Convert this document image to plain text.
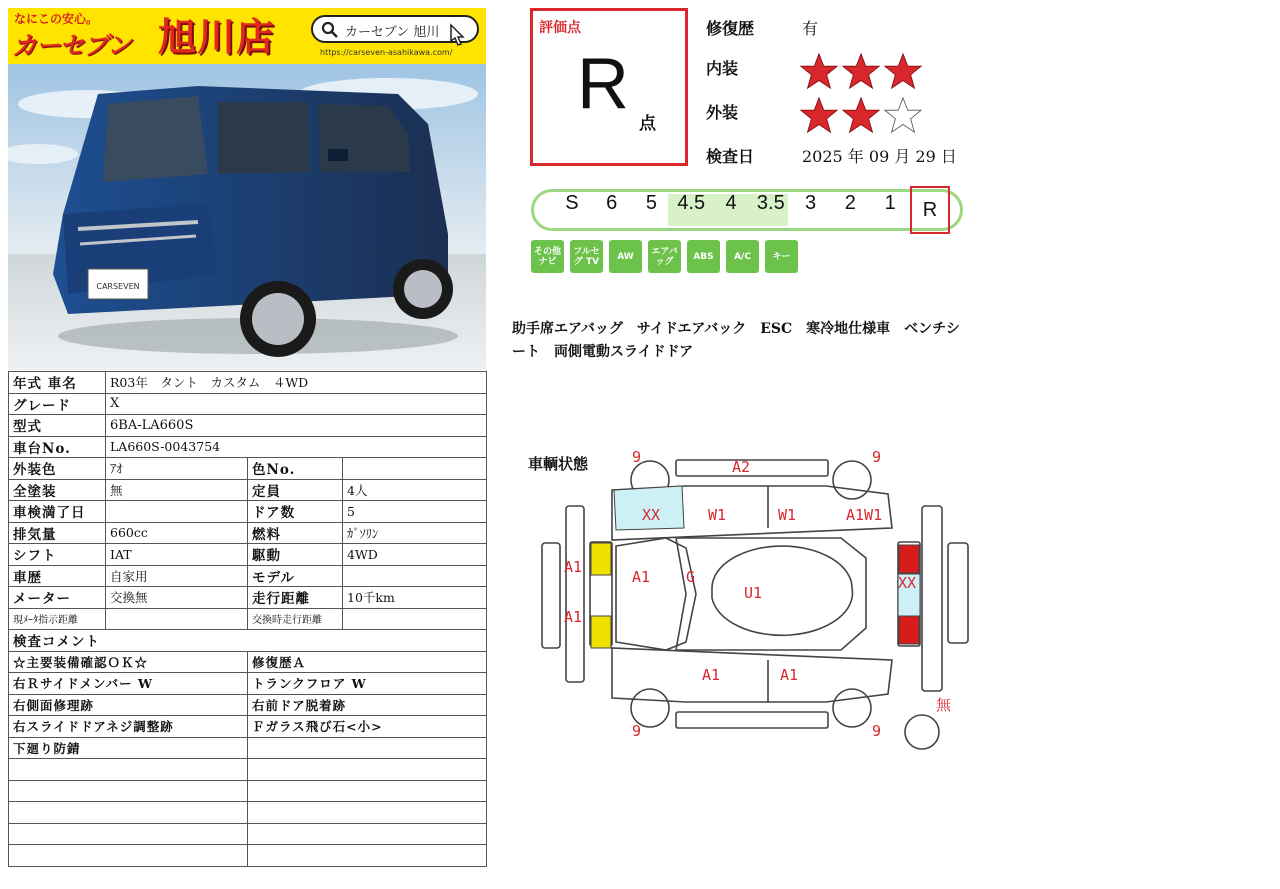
なにこの安心。
カーセブン 旭川店	カーセブン 旭川
https://carseven-asahikawa.com/
CARSEVEN
年式 車名	R03年　タント　カスタム　４WD		
グレード	X		
型式	6BA-LA660S		
車台No.	LA660S-0043754		
外装色	ｱｵ	色No.	
全塗装	無	定員	4人
車検満了日		ドア数	5
排気量	660cc	燃料	ｶﾞｿﾘﾝ
シフト	IAT	駆動	4WD
車歴	自家用	モデル	
メーター	交換無	走行距離	10千km
現ﾒｰﾀ指示距離		交換時走行距離	
検査コメント			
☆主要装備確認ＯＫ☆		修復歴Ａ	
右Ｒサイドメンバー W		トランクフロア W	
右側面修理跡		右前ドア脱着跡	
右スライドドアネジ調整跡		Ｆガラス飛び石<小>	
下廻り防錆			

評価点
R 点
修復歴	有
内装
外装
検査日	2025 年 09 月 29 日
S	6	5	4.5	4	3.5	3	2	1	R
その他 ナビ
フルセグ TV	AW	エアバッグ	ABS	A/C	キー
助手席エアバッグ　サイドエアバック　ESC　寒冷地仕様車　ベンチシート　両側電動スライドドア
車輌状態	9
A2
9
XX	W1	W1	A1W1
A1
A1 G
U1
XX
A1
A1	A1
9	9
無
